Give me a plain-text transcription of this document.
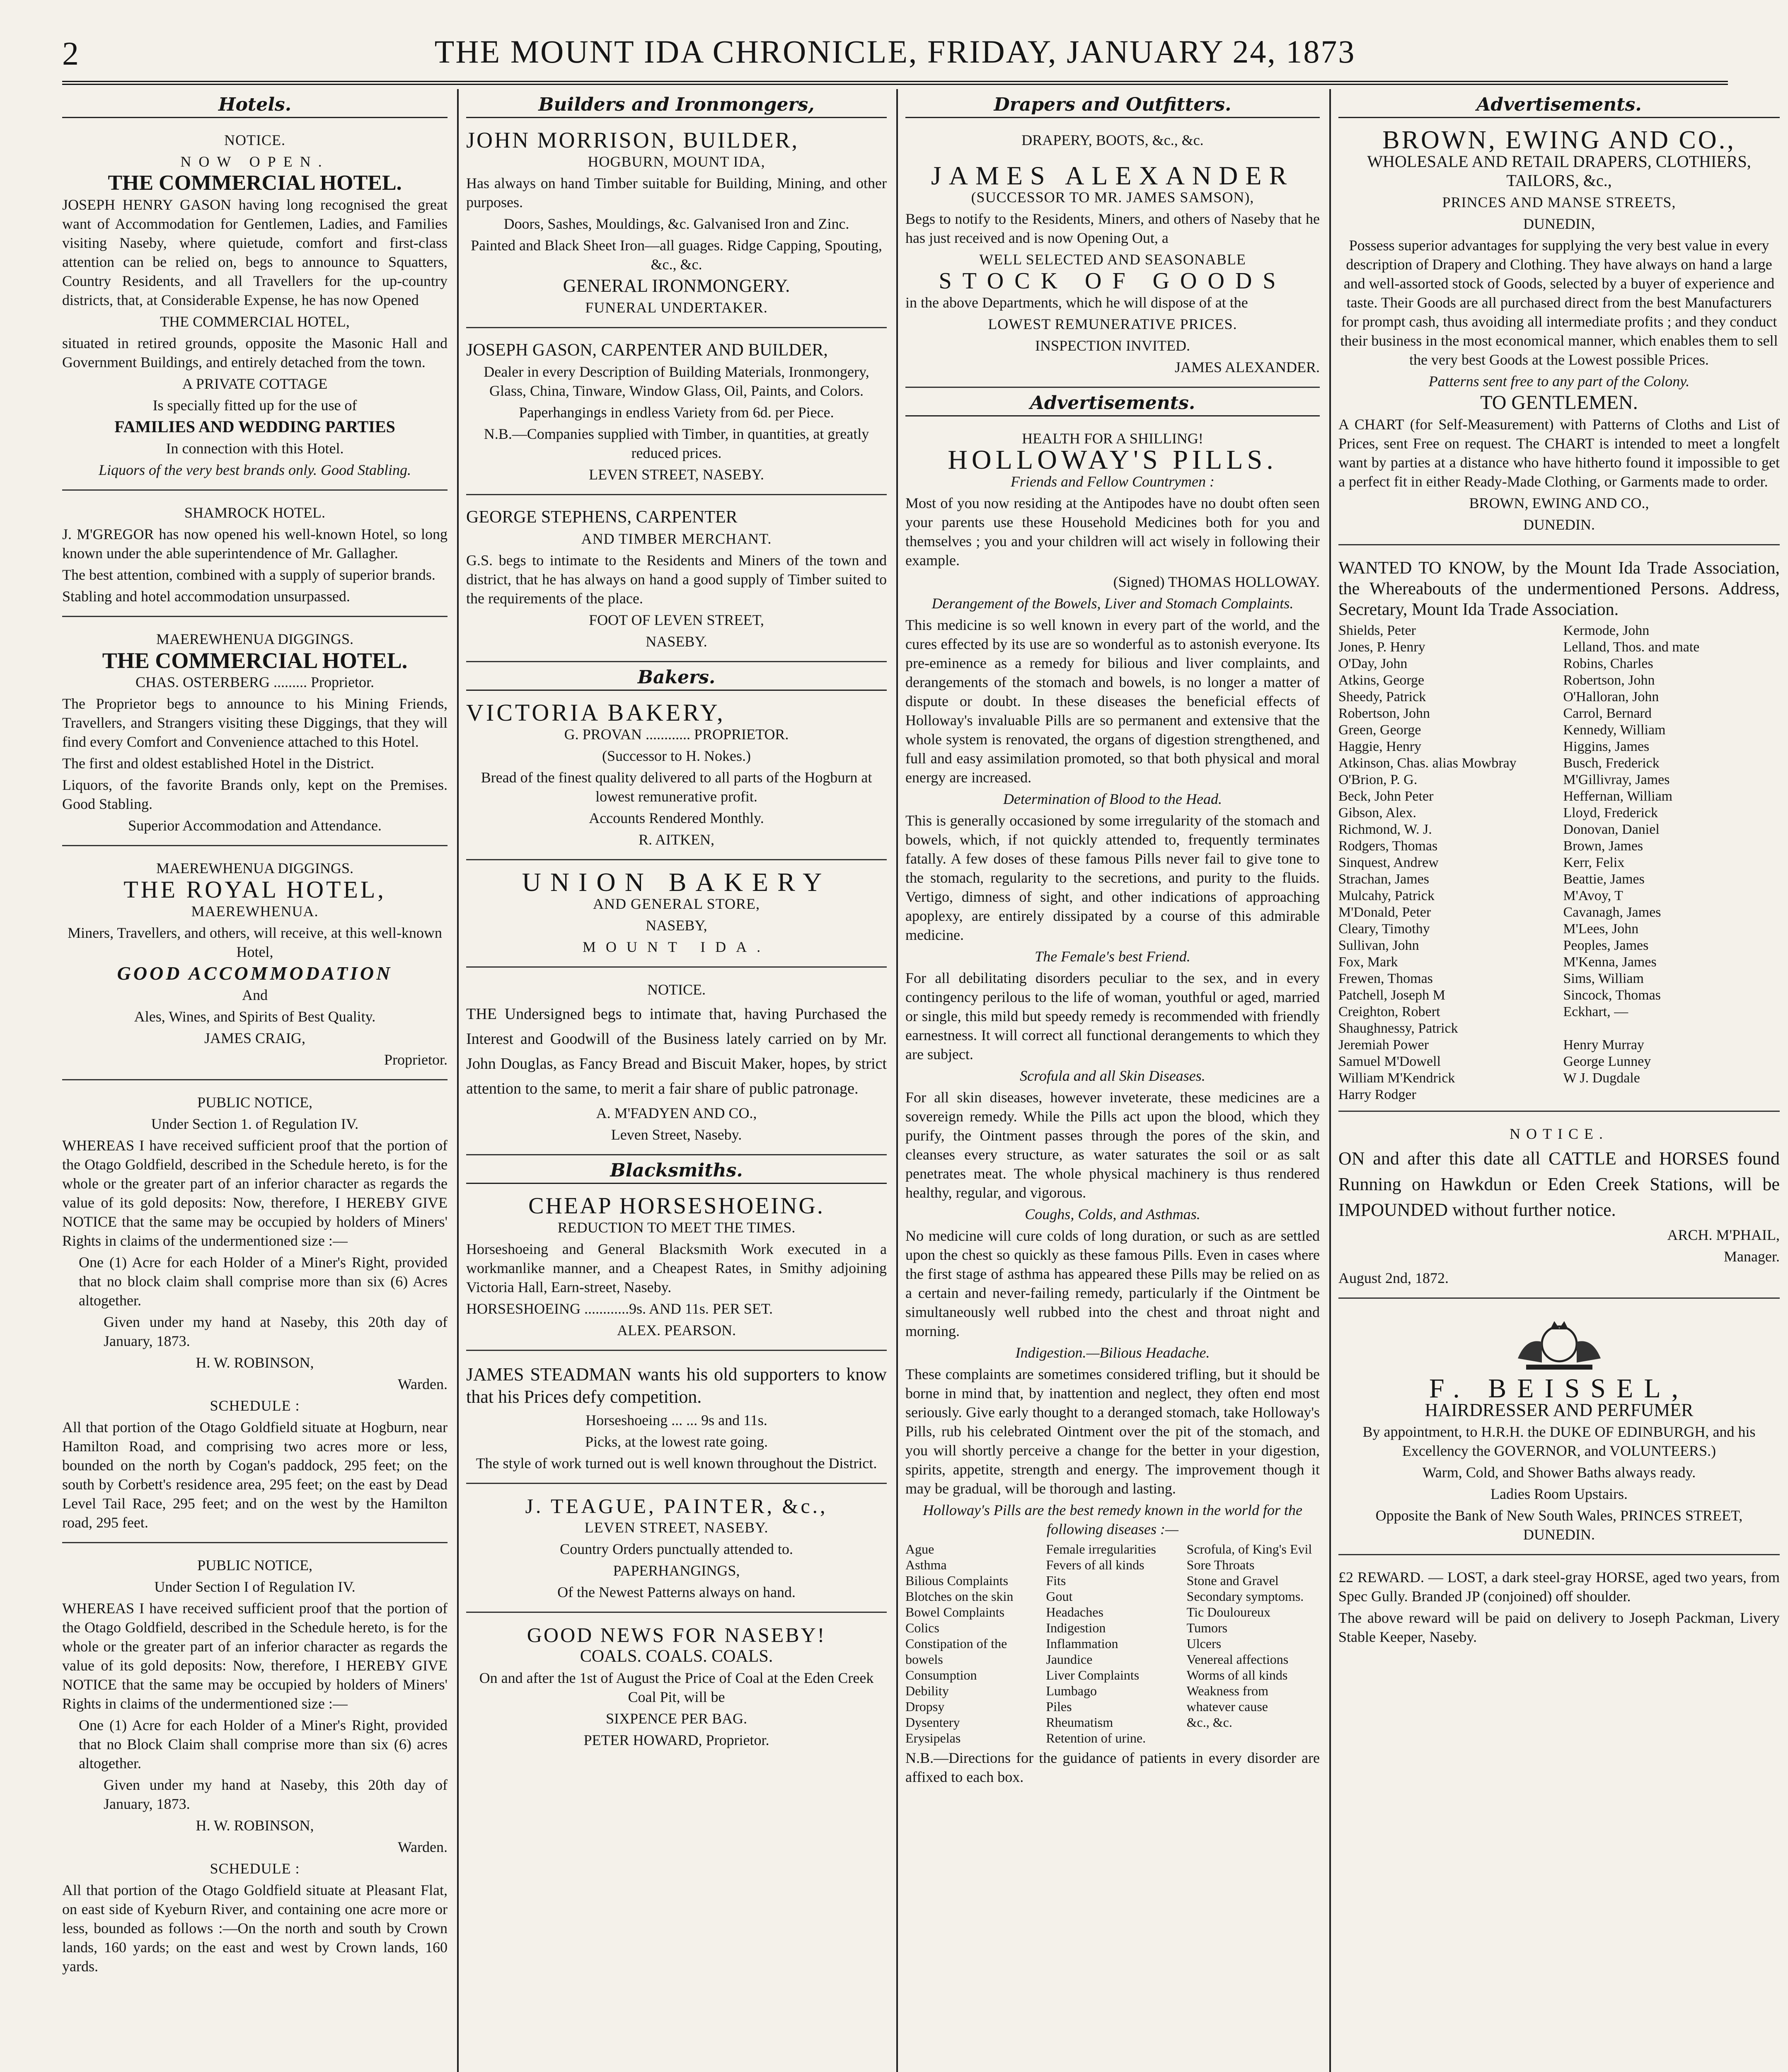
2	THE MOUNT IDA CHRONICLE, FRIDAY, JANUARY 24, 1873
Hotels.

NOTICE.

NOW OPEN.

THE COMMERCIAL HOTEL.

JOSEPH HENRY GASON having long recognised the great want of Accommodation for Gentlemen, Ladies, and Families visiting Naseby, where quietude, comfort and first-class attention can be relied on, begs to announce to Squatters, Country Residents, and all Travellers for the up-country districts, that, at Considerable Expense, he has now Opened

THE COMMERCIAL HOTEL,

situated in retired grounds, opposite the Masonic Hall and Government Buildings, and entirely detached from the town.

A PRIVATE COTTAGE

Is specially fitted up for the use of

FAMILIES AND WEDDING PARTIES

In connection with this Hotel.

Liquors of the very best brands only. Good Stabling.

SHAMROCK HOTEL.

J. M'GREGOR has now opened his well-known Hotel, so long known under the able superintendence of Mr. Gallagher.

The best attention, combined with a supply of superior brands.

Stabling and hotel accommodation unsurpassed.

MAEREWHENUA DIGGINGS.

THE COMMERCIAL HOTEL.

CHAS. OSTERBERG ......... Proprietor.

The Proprietor begs to announce to his Mining Friends, Travellers, and Strangers visiting these Diggings, that they will find every Comfort and Convenience attached to this Hotel.

The first and oldest established Hotel in the District.

Liquors, of the favorite Brands only, kept on the Premises. Good Stabling.

Superior Accommodation and Attendance.

MAEREWHENUA DIGGINGS.

THE ROYAL HOTEL,

MAEREWHENUA.

Miners, Travellers, and others, will receive, at this well-known Hotel,

GOOD ACCOMMODATION

And

Ales, Wines, and Spirits of Best Quality.

JAMES CRAIG,

Proprietor.

PUBLIC NOTICE,

Under Section 1. of Regulation IV.

WHEREAS I have received sufficient proof that the portion of the Otago Goldfield, described in the Schedule hereto, is for the whole or the greater part of an inferior character as regards the value of its gold deposits: Now, therefore, I HEREBY GIVE NOTICE that the same may be occupied by holders of Miners' Rights in claims of the undermentioned size :—

One (1) Acre for each Holder of a Miner's Right, provided that no block claim shall comprise more than six (6) Acres altogether.

Given under my hand at Naseby, this 20th day of January, 1873.

H. W. ROBINSON,

Warden.

SCHEDULE :

All that portion of the Otago Goldfield situate at Hogburn, near Hamilton Road, and comprising two acres more or less, bounded on the north by Cogan's paddock, 295 feet; on the south by Corbett's residence area, 295 feet; on the east by Dead Level Tail Race, 295 feet; and on the west by the Hamilton road, 295 feet.

PUBLIC NOTICE,

Under Section I of Regulation IV.

WHEREAS I have received sufficient proof that the portion of the Otago Goldfield, described in the Schedule hereto, is for the whole or the greater part of an inferior character as regards the value of its gold deposits: Now, therefore, I HEREBY GIVE NOTICE that the same may be occupied by holders of Miners' Rights in claims of the undermentioned size :—

One (1) Acre for each Holder of a Miner's Right, provided that no Block Claim shall comprise more than six (6) acres altogether.

Given under my hand at Naseby, this 20th day of January, 1873.

H. W. ROBINSON,

Warden.

SCHEDULE :

All that portion of the Otago Goldfield situate at Pleasant Flat, on east side of Kyeburn River, and containing one acre more or less, bounded as follows :—On the north and south by Crown lands, 160 yards; on the east and west by Crown lands, 160 yards.

Builders and Ironmongers,

JOHN MORRISON, BUILDER,

HOGBURN, MOUNT IDA,

Has always on hand Timber suitable for Building, Mining, and other purposes.

Doors, Sashes, Mouldings, &c. Galvanised Iron and Zinc.

Painted and Black Sheet Iron—all guages. Ridge Capping, Spouting, &c., &c.

GENERAL IRONMONGERY.

FUNERAL UNDERTAKER.

JOSEPH GASON, CARPENTER AND BUILDER,

Dealer in every Description of Building Materials, Ironmongery, Glass, China, Tinware, Window Glass, Oil, Paints, and Colors.

Paperhangings in endless Variety from 6d. per Piece.

N.B.—Companies supplied with Timber, in quantities, at greatly reduced prices.

LEVEN STREET, NASEBY.

GEORGE STEPHENS, CARPENTER

AND TIMBER MERCHANT.

G.S. begs to intimate to the Residents and Miners of the town and district, that he has always on hand a good supply of Timber suited to the requirements of the place.

FOOT OF LEVEN STREET,

NASEBY.

Bakers.

VICTORIA BAKERY,

G. PROVAN ............ PROPRIETOR.

(Successor to H. Nokes.)

Bread of the finest quality delivered to all parts of the Hogburn at lowest remunerative profit.

Accounts Rendered Monthly.

R. AITKEN,

UNION BAKERY

AND GENERAL STORE,

NASEBY,

MOUNT IDA.

NOTICE.

THE Undersigned begs to intimate that, having Purchased the Interest and Goodwill of the Business lately carried on by Mr. John Douglas, as Fancy Bread and Biscuit Maker, hopes, by strict attention to the same, to merit a fair share of public patronage.

A. M'FADYEN AND CO.,

Leven Street, Naseby.

Blacksmiths.

CHEAP HORSESHOEING.

REDUCTION TO MEET THE TIMES.

Horseshoeing and General Blacksmith Work executed in a workmanlike manner, and a Cheapest Rates, in Smithy adjoining Victoria Hall, Earn-street, Naseby.

HORSESHOEING ............9s. AND 11s. PER SET.

ALEX. PEARSON.

JAMES STEADMAN wants his old supporters to know that his Prices defy competition.

Horseshoeing ... ... 9s and 11s.

Picks, at the lowest rate going.

The style of work turned out is well known throughout the District.

J. TEAGUE, PAINTER, &c.,

LEVEN STREET, NASEBY.

Country Orders punctually attended to.

PAPERHANGINGS,

Of the Newest Patterns always on hand.

GOOD NEWS FOR NASEBY!

COALS. COALS. COALS.

On and after the 1st of August the Price of Coal at the Eden Creek Coal Pit, will be

SIXPENCE PER BAG.

PETER HOWARD, Proprietor.

Drapers and Outfitters.

DRAPERY, BOOTS, &c., &c.

JAMES ALEXANDER

(SUCCESSOR TO MR. JAMES SAMSON),

Begs to notify to the Residents, Miners, and others of Naseby that he has just received and is now Opening Out, a

WELL SELECTED AND SEASONABLE

STOCK OF GOODS

in the above Departments, which he will dispose of at the

LOWEST REMUNERATIVE PRICES.

INSPECTION INVITED.

JAMES ALEXANDER.

Advertisements.

HEALTH FOR A SHILLING!

HOLLOWAY'S PILLS.

Friends and Fellow Countrymen :

Most of you now residing at the Antipodes have no doubt often seen your parents use these Household Medicines both for you and themselves ; you and your children will act wisely in following their example.

(Signed) THOMAS HOLLOWAY.

Derangement of the Bowels, Liver and Stomach Complaints.

This medicine is so well known in every part of the world, and the cures effected by its use are so wonderful as to astonish everyone. Its pre-eminence as a remedy for bilious and liver complaints, and derangements of the stomach and bowels, is no longer a matter of dispute or doubt. In these diseases the beneficial effects of Holloway's invaluable Pills are so permanent and extensive that the whole system is renovated, the organs of digestion strengthened, and full and easy assimilation promoted, so that both physical and moral energy are increased.

Determination of Blood to the Head.

This is generally occasioned by some irregularity of the stomach and bowels, which, if not quickly attended to, frequently terminates fatally. A few doses of these famous Pills never fail to give tone to the stomach, regularity to the secretions, and purity to the fluids. Vertigo, dimness of sight, and other indications of approaching apoplexy, are entirely dissipated by a course of this admirable medicine.

The Female's best Friend.

For all debilitating disorders peculiar to the sex, and in every contingency perilous to the life of woman, youthful or aged, married or single, this mild but speedy remedy is recommended with friendly earnestness. It will correct all functional derangements to which they are subject.

Scrofula and all Skin Diseases.

For all skin diseases, however inveterate, these medicines are a sovereign remedy. While the Pills act upon the blood, which they purify, the Ointment passes through the pores of the skin, and cleanses every structure, as water saturates the soil or as salt penetrates meat. The whole physical machinery is thus rendered healthy, regular, and vigorous.

Coughs, Colds, and Asthmas.

No medicine will cure colds of long duration, or such as are settled upon the chest so quickly as these famous Pills. Even in cases where the first stage of asthma has appeared these Pills may be relied on as a certain and never-failing remedy, particularly if the Ointment be simultaneously well rubbed into the chest and throat night and morning.

Indigestion.—Bilious Headache.

These complaints are sometimes considered trifling, but it should be borne in mind that, by inattention and neglect, they often end most seriously. Give early thought to a deranged stomach, take Holloway's Pills, rub his celebrated Ointment over the pit of the stomach, and you will shortly perceive a change for the better in your digestion, spirits, appetite, strength and energy. The improvement though it may be gradual, will be thorough and lasting.

Holloway's Pills are the best remedy known in the world for the following diseases :—

Ague
Asthma
Bilious Complaints
Blotches on the skin
Bowel Complaints
Colics
Constipation of the bowels
Consumption
Debility
Dropsy
Dysentery
Erysipelas
Female irregularities
Fevers of all kinds
Fits
Gout
Headaches
Indigestion
Inflammation
Jaundice
Liver Complaints
Lumbago
Piles
Rheumatism
Retention of urine.
Scrofula, of King's Evil
Sore Throats
Stone and Gravel
Secondary symptoms.
Tic Douloureux
Tumors
Ulcers
Venereal affections
Worms of all kinds
Weakness from whatever cause
&c., &c.

N.B.—Directions for the guidance of patients in every disorder are affixed to each box.

Advertisements.

BROWN, EWING AND CO.,

WHOLESALE AND RETAIL DRAPERS, CLOTHIERS, TAILORS, &c.,

PRINCES AND MANSE STREETS,

DUNEDIN,

Possess superior advantages for supplying the very best value in every description of Drapery and Clothing. They have always on hand a large and well-assorted stock of Goods, selected by a buyer of experience and taste. Their Goods are all purchased direct from the best Manufacturers for prompt cash, thus avoiding all intermediate profits ; and they conduct their business in the most economical manner, which enables them to sell the very best Goods at the Lowest possible Prices.

Patterns sent free to any part of the Colony.

TO GENTLEMEN.

A CHART (for Self-Measurement) with Patterns of Cloths and List of Prices, sent Free on request. The CHART is intended to meet a longfelt want by parties at a distance who have hitherto found it impossible to get a perfect fit in either Ready-Made Clothing, or Garments made to order.

BROWN, EWING AND CO.,

DUNEDIN.

WANTED TO KNOW, by the Mount Ida Trade Association, the Whereabouts of the undermentioned Persons. Address, Secretary, Mount Ida Trade Association.

Shields, Peter
Jones, P. Henry
O'Day, John
Atkins, George
Sheedy, Patrick
Robertson, John
Green, George
Haggie, Henry
Atkinson, Chas. alias Mowbray
O'Brion, P. G.
Beck, John Peter
Gibson, Alex.
Richmond, W. J.
Rodgers, Thomas
Sinquest, Andrew
Strachan, James
Mulcahy, Patrick
M'Donald, Peter
Cleary, Timothy
Sullivan, John
Fox, Mark
Frewen, Thomas
Patchell, Joseph M
Creighton, Robert
Shaughnessy, Patrick
Jeremiah Power
Samuel M'Dowell
William M'Kendrick
Harry Rodger
Kermode, John
Lelland, Thos. and mate
Robins, Charles
Robertson, John
O'Halloran, John
Carrol, Bernard
Kennedy, William
Higgins, James
Busch, Frederick
M'Gillivray, James
Heffernan, William
Lloyd, Frederick
Donovan, Daniel
Brown, James
Kerr, Felix
Beattie, James
M'Avoy, T
Cavanagh, James
M'Lees, John
Peoples, James
M'Kenna, James
Sims, William
Sincock, Thomas
Eckhart, —

Henry Murray
George Lunney
W J. Dugdale

NOTICE.

ON and after this date all CATTLE and HORSES found Running on Hawkdun or Eden Creek Stations, will be IMPOUNDED without further notice.

ARCH. M'PHAIL,

Manager.

August 2nd, 1872.

F. BEISSEL,

HAIRDRESSER AND PERFUMER

By appointment, to H.R.H. the DUKE OF EDINBURGH, and his Excellency the GOVERNOR, and VOLUNTEERS.)

Warm, Cold, and Shower Baths always ready.

Ladies Room Upstairs.

Opposite the Bank of New South Wales, PRINCES STREET, DUNEDIN.

£2 REWARD. — LOST, a dark steel-gray HORSE, aged two years, from Spec Gully. Branded JP (conjoined) off shoulder.

The above reward will be paid on delivery to Joseph Packman, Livery Stable Keeper, Naseby.
